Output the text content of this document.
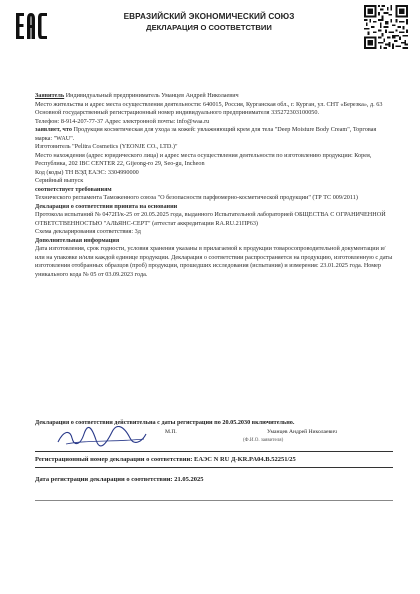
ЕВРАЗИЙСКИЙ ЭКОНОМИЧЕСКИЙ СОЮЗ
ДЕКЛАРАЦИЯ О СООТВЕТСТВИИ

Заявитель Индивидуальный предприниматель Уманцев Андрей Николаевич

Место жительства и адрес места осуществления деятельности: 640015, Россия, Курганская обл., г. Курган, ул. СНТ «Березка», д. 63

Основной государственный регистрационный номер индивидуального предпринимателя 335272303100050.

Телефон: 8-914-207-77-37 Адрес электронной почты: info@waa.ru

заявляет, что Продукция косметическая для ухода за кожей: увлажняющий крем для тела "Deep Moisture Body Cream", Торговая марка: "WAU".

Изготовитель "Pelitra Cosmetics (YEONJE CO., LTD.)"

Место нахождения (адрес юридического лица) и адрес места осуществления деятельности по изготовлению продукции: Корея, Республика, 202 IBC CENTER 22, Gijeong-ro 29, Seo-gu, Incheon

Код (коды) ТН ВЭД ЕАЭС: 3304990000

Серийный выпуск

соответствует требованиям

Технического регламента Таможенного союза "О безопасности парфюмерно-косметической продукции" (ТР ТС 009/2011)

Декларация о соответствии принята на основании

Протокола испытаний № 0472П/к-25 от 20.05.2025 года, выданного Испытательной лабораторией ОБЩЕСТВА С ОГРАНИЧЕННОЙ ОТВЕТСТВЕННОСТЬЮ "АЛЬЯНС-СЕРТ" (аттестат аккредитации RA.RU.21ПР63)

Схема декларирования соответствия: 3д

Дополнительная информация

Дата изготовления, срок годности, условия хранения указаны в прилагаемой к продукции товаросопроводительной документации и/или на упаковке и/или каждой единице продукции. Декларация о соответствии распространяется на продукцию, изготовленную с даты изготовления отобранных образцов (проб) продукции, прошедших исследования (испытания) и измерения: 23.01.2025 года. Номер уникального кода № 05 от 03.09.2023 года.

Декларация о соответствии действительна с даты регистрации по 20.05.2030 включительно.
М.П.	Уманцев Андрей Николаевич
(Ф.И.О. заявителя)
Регистрационный номер декларации о соответствии: ЕАЭС N RU Д-KR.PA04.B.52251/25
Дата регистрации декларации о соответствии: 21.05.2025
